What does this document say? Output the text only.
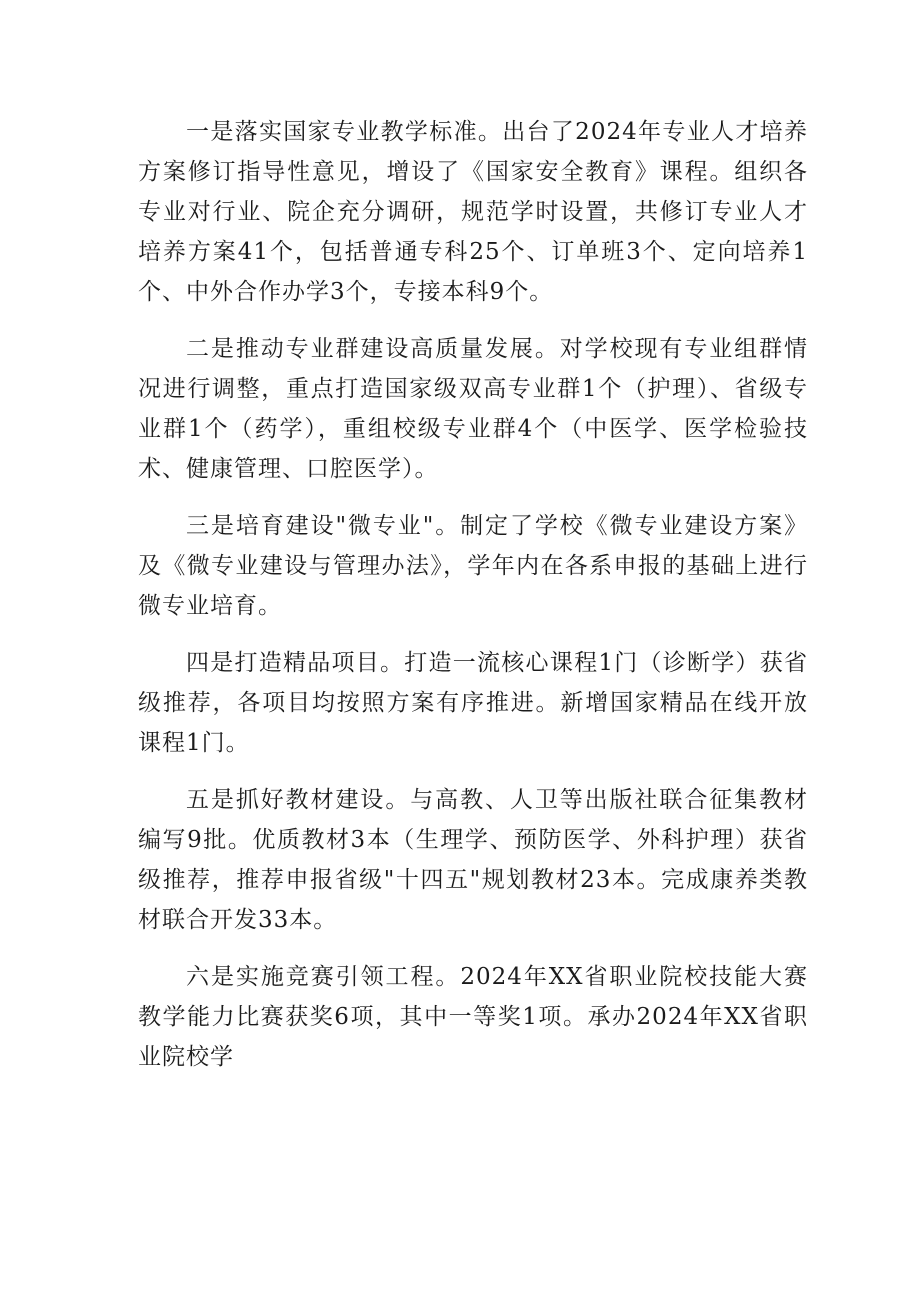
一是落实国家专业教学标准。出台了2024年专业人才培养方案修订指导性意见，增设了《国家安全教育》课程。组织各专业对行业、院企充分调研，规范学时设置，共修订专业人才培养方案41个，包括普通专科25个、订单班3个、定向培养1个、中外合作办学3个，专接本科9个。

二是推动专业群建设高质量发展。对学校现有专业组群情况进行调整，重点打造国家级双高专业群1个（护理）、省级专业群1个（药学），重组校级专业群4个（中医学、医学检验技术、健康管理、口腔医学）。

三是培育建设"微专业"。制定了学校《微专业建设方案》及《微专业建设与管理办法》，学年内在各系申报的基础上进行微专业培育。

四是打造精品项目。打造一流核心课程1门（诊断学）获省级推荐，各项目均按照方案有序推进。新增国家精品在线开放课程1门。

五是抓好教材建设。与高教、人卫等出版社联合征集教材编写9批。优质教材3本（生理学、预防医学、外科护理）获省级推荐，推荐申报省级"十四五"规划教材23本。完成康养类教材联合开发33本。

六是实施竞赛引领工程。2024年XX省职业院校技能大赛教学能力比赛获奖6项，其中一等奖1项。承办2024年XX省职业院校学
